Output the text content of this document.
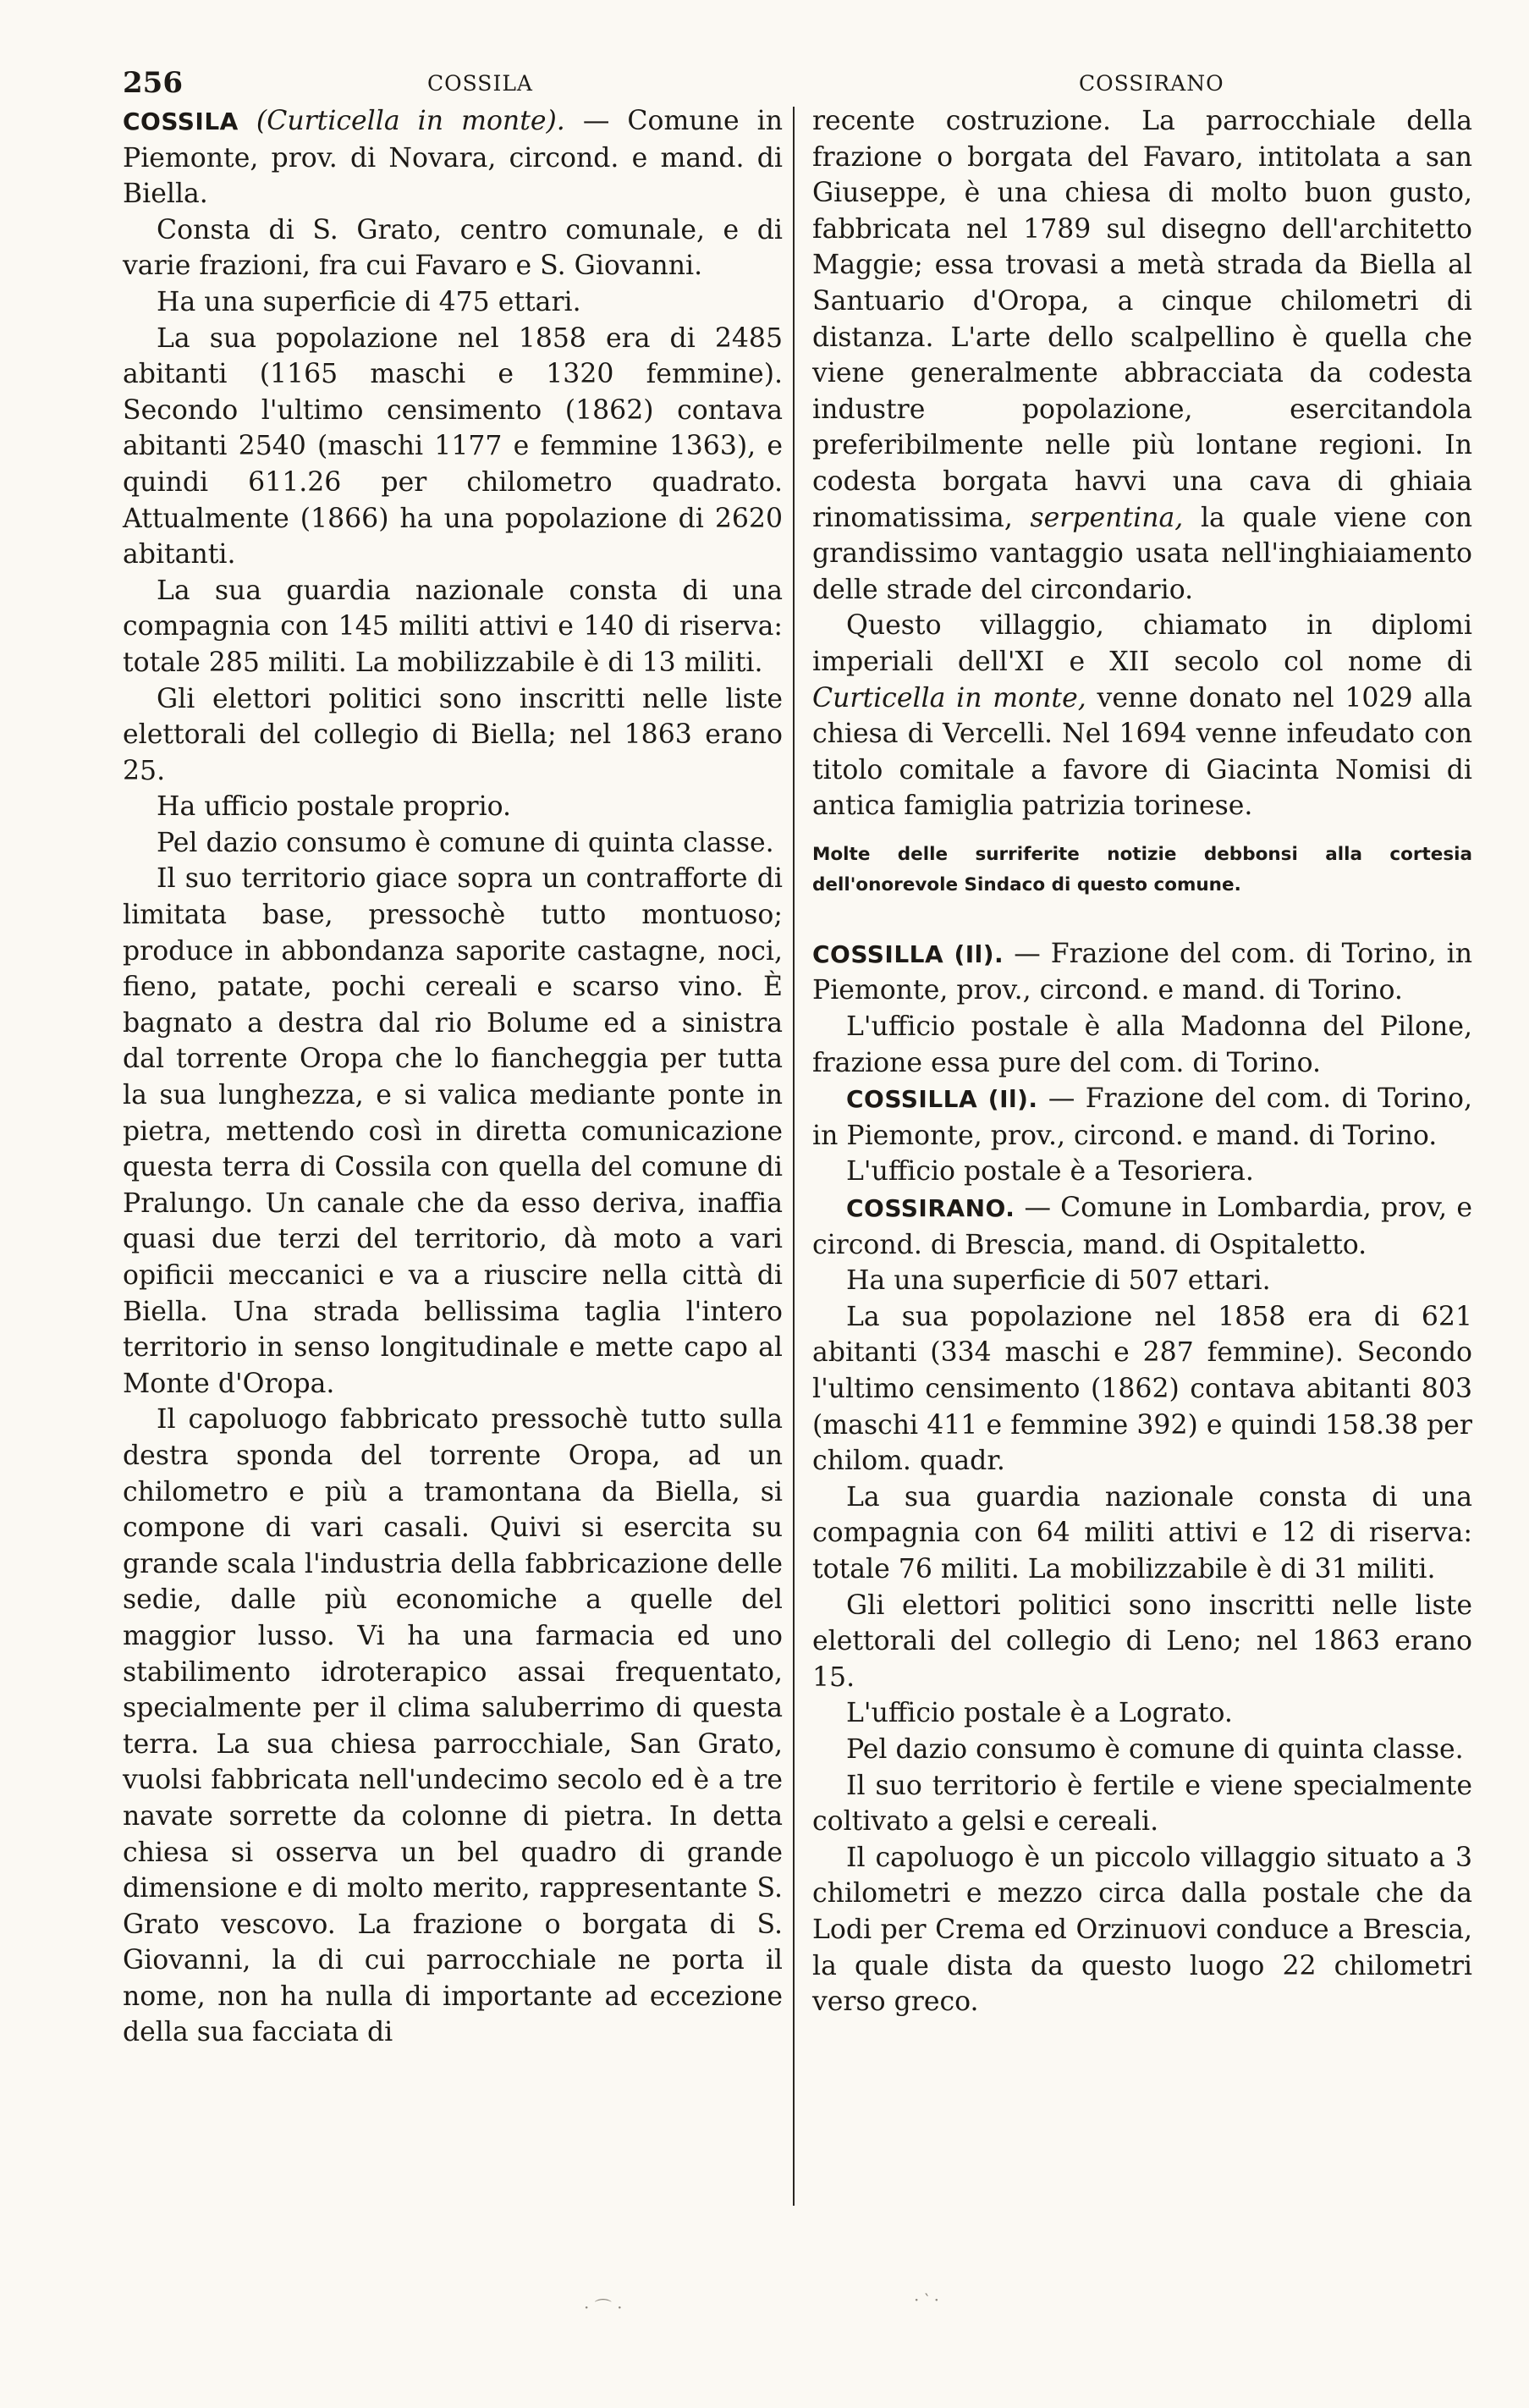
256	COSSILA	COSSIRANO

COSSILA (Curticella in monte). — Comune in Piemonte, prov. di Novara, circond. e mand. di Biella.

Consta di S. Grato, centro comunale, e di varie frazioni, fra cui Favaro e S. Giovanni.

Ha una superficie di 475 ettari.

La sua popolazione nel 1858 era di 2485 abitanti (1165 maschi e 1320 femmine). Secondo l'ultimo censimento (1862) contava abitanti 2540 (maschi 1177 e femmine 1363), e quindi 611.26 per chilometro quadrato. Attualmente (1866) ha una popolazione di 2620 abitanti.

La sua guardia nazionale consta di una compagnia con 145 militi attivi e 140 di riserva: totale 285 militi. La mobilizzabile è di 13 militi.

Gli elettori politici sono inscritti nelle liste elettorali del collegio di Biella; nel 1863 erano 25.

Ha ufficio postale proprio.

Pel dazio consumo è comune di quinta classe.

Il suo territorio giace sopra un contrafforte di limitata base, pressochè tutto montuoso; produce in abbondanza saporite castagne, noci, fieno, patate, pochi cereali e scarso vino. È bagnato a destra dal rio Bolume ed a sinistra dal torrente Oropa che lo fiancheggia per tutta la sua lunghezza, e si valica mediante ponte in pietra, mettendo così in diretta comunicazione questa terra di Cossila con quella del comune di Pralungo. Un canale che da esso deriva, inaffia quasi due terzi del territorio, dà moto a vari opificii meccanici e va a riuscire nella città di Biella. Una strada bellissima taglia l'intero territorio in senso longitudinale e mette capo al Monte d'Oropa.

Il capoluogo fabbricato pressochè tutto sulla destra sponda del torrente Oropa, ad un chilometro e più a tramontana da Biella, si compone di vari casali. Quivi si esercita su grande scala l'industria della fabbricazione delle sedie, dalle più economiche a quelle del maggior lusso. Vi ha una farmacia ed uno stabilimento idroterapico assai frequentato, specialmente per il clima saluberrimo di questa terra. La sua chiesa parrocchiale, San Grato, vuolsi fabbricata nell'undecimo secolo ed è a tre navate sorrette da colonne di pietra. In detta chiesa si osserva un bel quadro di grande dimensione e di molto merito, rappresentante S. Grato vescovo. La frazione o borgata di S. Giovanni, la di cui parrocchiale ne porta il nome, non ha nulla di importante ad eccezione della sua facciata di

recente costruzione. La parrocchiale della frazione o borgata del Favaro, intitolata a san Giuseppe, è una chiesa di molto buon gusto, fabbricata nel 1789 sul disegno dell'architetto Maggie; essa trovasi a metà strada da Biella al Santuario d'Oropa, a cinque chilometri di distanza. L'arte dello scalpellino è quella che viene generalmente abbracciata da codesta industre popolazione, esercitandola preferibilmente nelle più lontane regioni. In codesta borgata havvi una cava di ghiaia rinomatissima, serpentina, la quale viene con grandissimo vantaggio usata nell'inghiaiamento delle strade del circondario.

Questo villaggio, chiamato in diplomi imperiali dell'XI e XII secolo col nome di Curticella in monte, venne donato nel 1029 alla chiesa di Vercelli. Nel 1694 venne infeudato con titolo comitale a favore di Giacinta Nomisi di antica famiglia patrizia torinese.

Molte delle surriferite notizie debbonsi alla cortesia dell'onorevole Sindaco di questo comune.

COSSILLA (Il). — Frazione del com. di Torino, in Piemonte, prov., circond. e mand. di Torino.

L'ufficio postale è alla Madonna del Pilone, frazione essa pure del com. di Torino.

COSSILLA (Il). — Frazione del com. di Torino, in Piemonte, prov., circond. e mand. di Torino.

L'ufficio postale è a Tesoriera.

COSSIRANO. — Comune in Lombardia, prov, e circond. di Brescia, mand. di Ospitaletto.

Ha una superficie di 507 ettari.

La sua popolazione nel 1858 era di 621 abitanti (334 maschi e 287 femmine). Secondo l'ultimo censimento (1862) contava abitanti 803 (maschi 411 e femmine 392) e quindi 158.38 per chilom. quadr.

La sua guardia nazionale consta di una compagnia con 64 militi attivi e 12 di riserva: totale 76 militi. La mobilizzabile è di 31 militi.

Gli elettori politici sono inscritti nelle liste elettorali del collegio di Leno; nel 1863 erano 15.

L'ufficio postale è a Lograto.

Pel dazio consumo è comune di quinta classe.

Il suo territorio è fertile e viene specialmente coltivato a gelsi e cereali.

Il capoluogo è un piccolo villaggio situato a 3 chilometri e mezzo circa dalla postale che da Lodi per Crema ed Orzinuovi conduce a Brescia, la quale dista da questo luogo 22 chilometri verso greco.

· ⌒ ·	· ‵ ·
